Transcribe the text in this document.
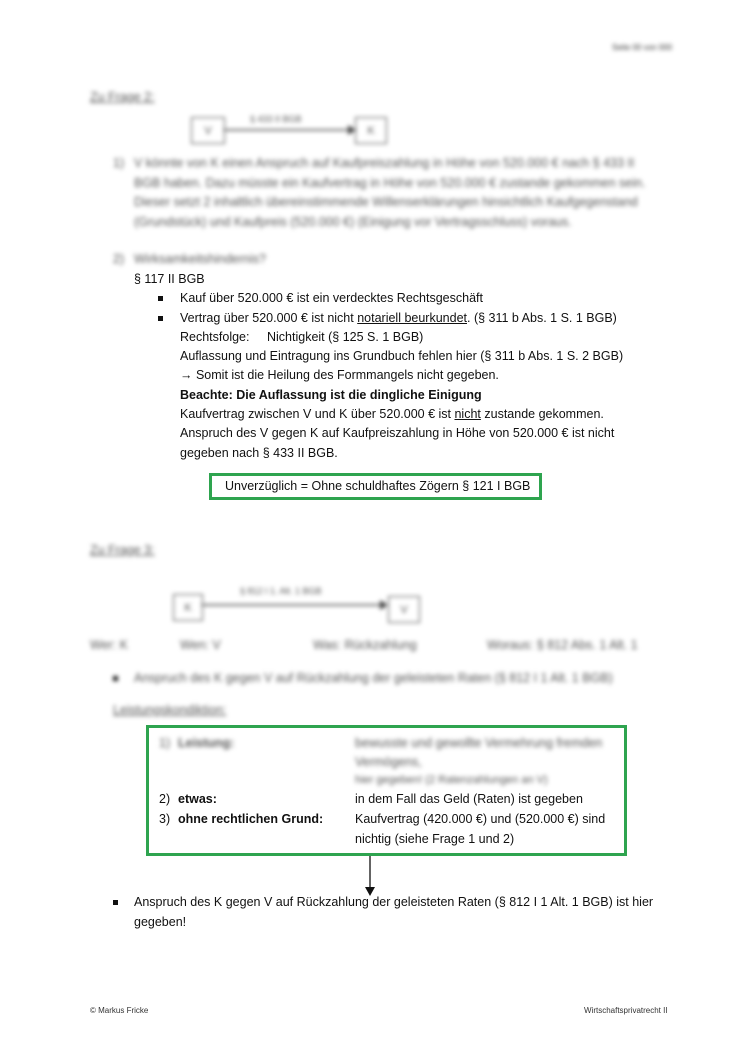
Seite 00 von 000
Zu Frage 2:
V	K
§ 433 II BGB
1) V könnte von K einen Anspruch auf Kaufpreiszahlung in Höhe von 520.000 € nach § 433 II
BGB haben. Dazu müsste ein Kaufvertrag in Höhe von 520.000 € zustande gekommen sein.
Dieser setzt 2 inhaltlich übereinstimmende Willenserklärungen hinsichtlich Kaufgegenstand
(Grundstück) und Kaufpreis (520.000 €) (Einigung vor Vertragsschluss) voraus.
2) Wirksamkeitshindernis?
§ 117 II BGB
Kauf über 520.000 € ist ein verdecktes Rechtsgeschäft
Vertrag über 520.000 € ist nicht notariell beurkundet. (§ 311 b Abs. 1 S. 1 BGB)
Rechtsfolge: Nichtigkeit (§ 125 S. 1 BGB)
Auflassung und Eintragung ins Grundbuch fehlen hier (§ 311 b Abs. 1 S. 2 BGB)
→ Somit ist die Heilung des Formmangels nicht gegeben.
Beachte: Die Auflassung ist die dingliche Einigung
Kaufvertrag zwischen V und K über 520.000 € ist nicht zustande gekommen.
Anspruch des V gegen K auf Kaufpreiszahlung in Höhe von 520.000 € ist nicht
gegeben nach § 433 II BGB.
Unverzüglich = Ohne schuldhaftes Zögern § 121 I BGB
Zu Frage 3:
K	V
§ 812 I 1. Alt. 1 BGB
Wer: K	Wen: V	Was: Rückzahlung	Woraus: § 812 Abs. 1 Alt. 1
Anspruch des K gegen V auf Rückzahlung der geleisteten Raten (§ 812 I 1 Alt. 1 BGB)
Leistungskondiktion:
1) Leistung:	bewusste und gewollte Vermehrung fremden
Vermögens,
hier gegeben! (2 Ratenzahlungen an V)
2) etwas:	in dem Fall das Geld (Raten) ist gegeben
3) ohne rechtlichen Grund:	Kaufvertrag (420.000 €) und (520.000 €) sind
nichtig (siehe Frage 1 und 2)
Anspruch des K gegen V auf Rückzahlung der geleisteten Raten (§ 812 I 1 Alt. 1 BGB) ist hier
gegeben!
© Markus Fricke	Wirtschaftsprivatrecht II
